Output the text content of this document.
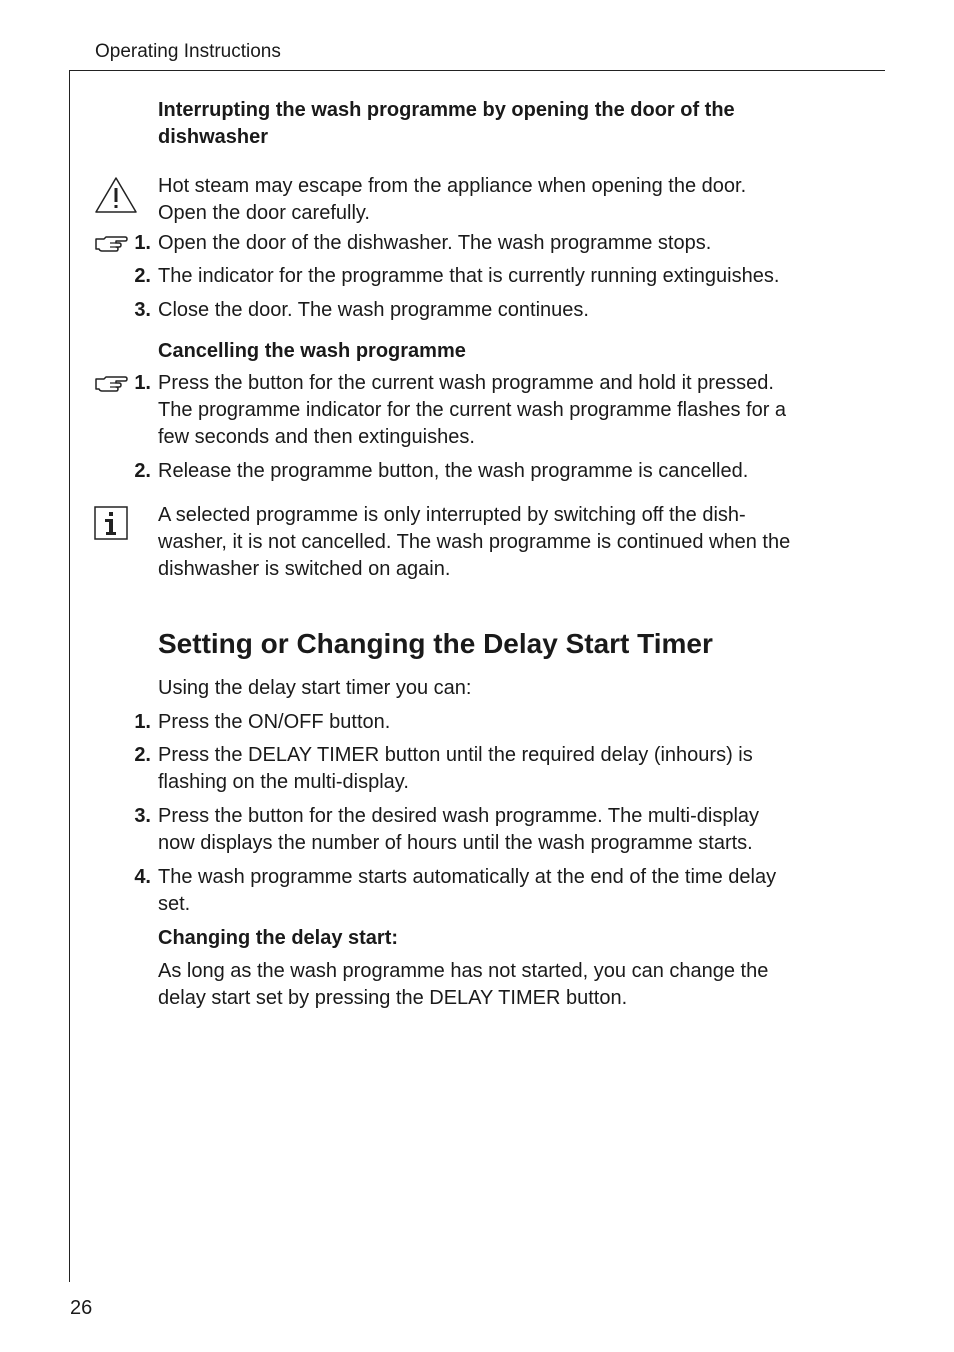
Operating Instructions
Interrupting the wash programme by opening the door of the
dishwasher
Hot steam may escape from the appliance when opening the door.
Open the door carefully.
1. Open the door of the dishwasher. The wash programme stops.
2. The indicator for the programme that is currently running extinguishes.
3. Close the door. The wash programme continues.
Cancelling the wash programme
1. Press the button for the current wash programme and hold it pressed.
The programme indicator for the current wash programme flashes for a
few seconds and then extinguishes.
2. Release the programme button, the wash programme is cancelled.
A selected programme is only interrupted by switching off the dish-
washer, it is not cancelled. The wash programme is continued when the
dishwasher is switched on again.
Setting or Changing the Delay Start Timer
Using the delay start timer you can:
1. Press the ON/OFF button.
2. Press the DELAY TIMER button until the required delay (inhours) is
flashing on the multi-display.
3. Press the button for the desired wash programme. The multi-display
now displays the number of hours until the wash programme starts.
4. The wash programme starts automatically at the end of the time delay
set.
Changing the delay start:
As long as the wash programme has not started, you can change the
delay start set by pressing the DELAY TIMER button.
26
